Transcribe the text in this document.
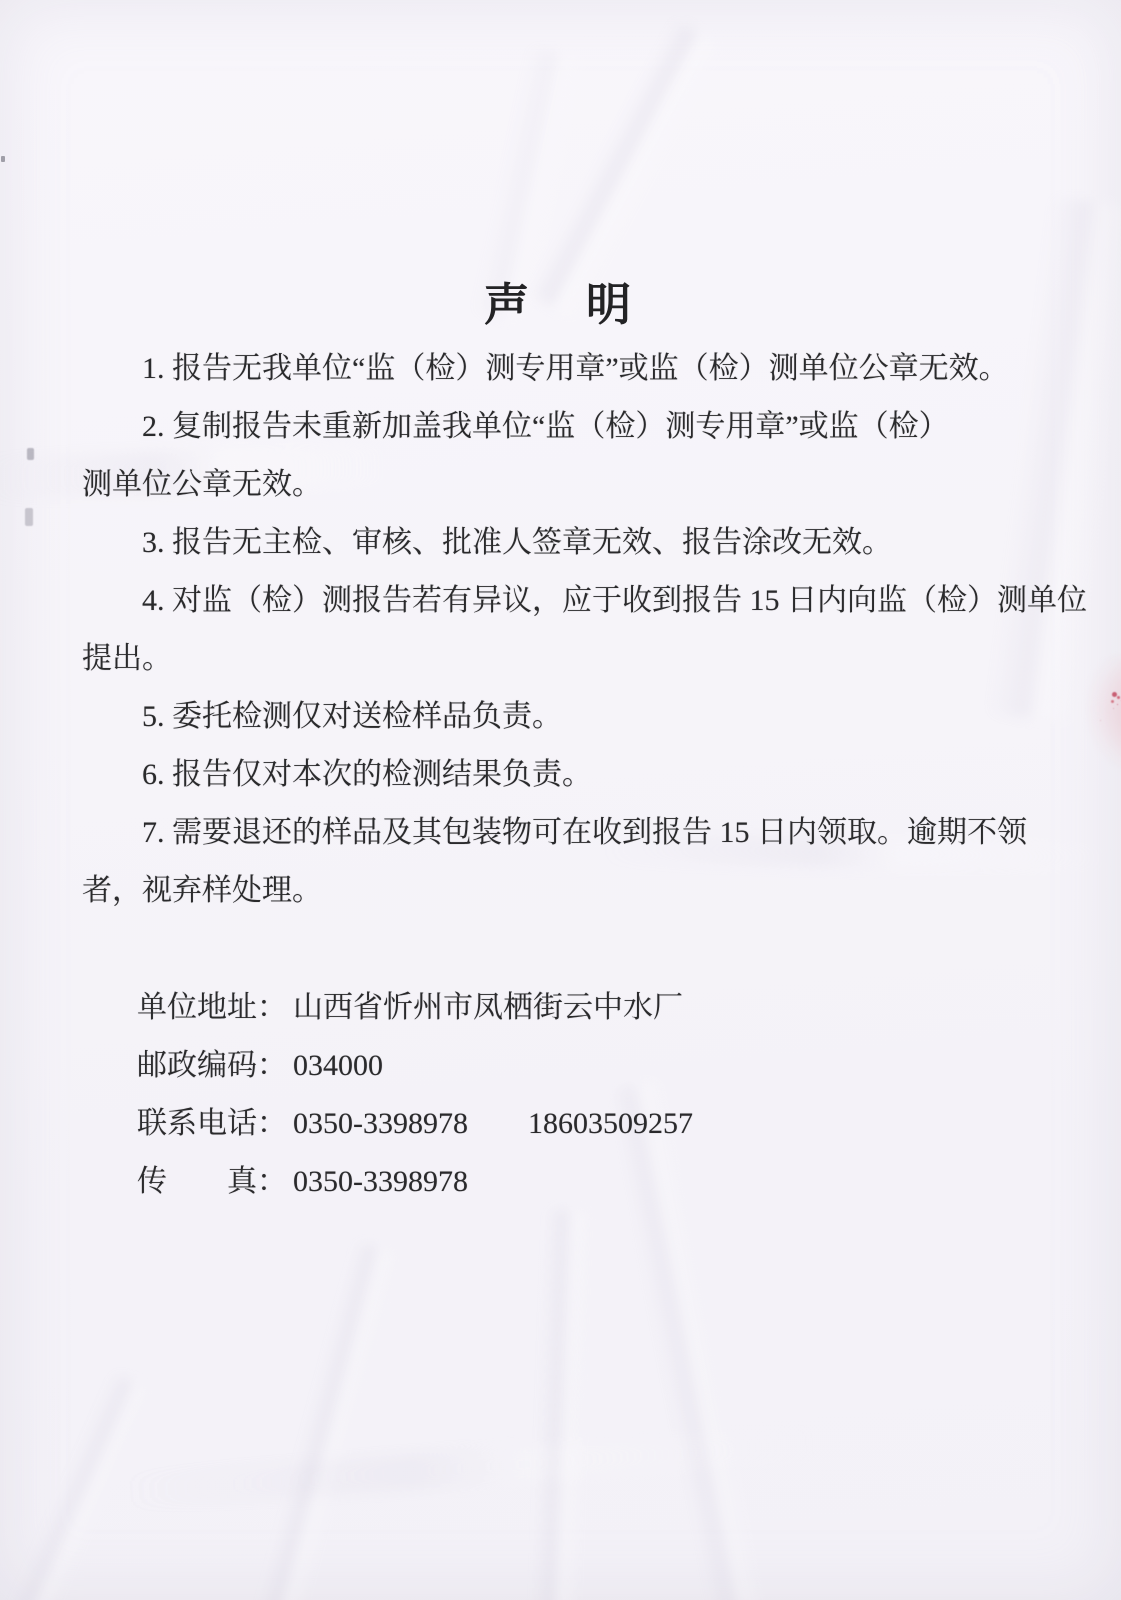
声　明
1. 报告无我单位“监（检）测专用章”或监（检）测单位公章无效。
2. 复制报告未重新加盖我单位“监（检）测专用章”或监（检）
测单位公章无效。
3. 报告无主检、审核、批准人签章无效、报告涂改无效。
4. 对监（检）测报告若有异议，应于收到报告 15 日内向监（检）测单位
提出。
5. 委托检测仅对送检样品负责。
6. 报告仅对本次的检测结果负责。
7. 需要退还的样品及其包装物可在收到报告 15 日内领取。逾期不领
者，视弃样处理。
单位地址： 山西省忻州市凤栖街云中水厂
邮政编码： 034000
联系电话： 0350-3398978　　18603509257
传　　真： 0350-3398978
